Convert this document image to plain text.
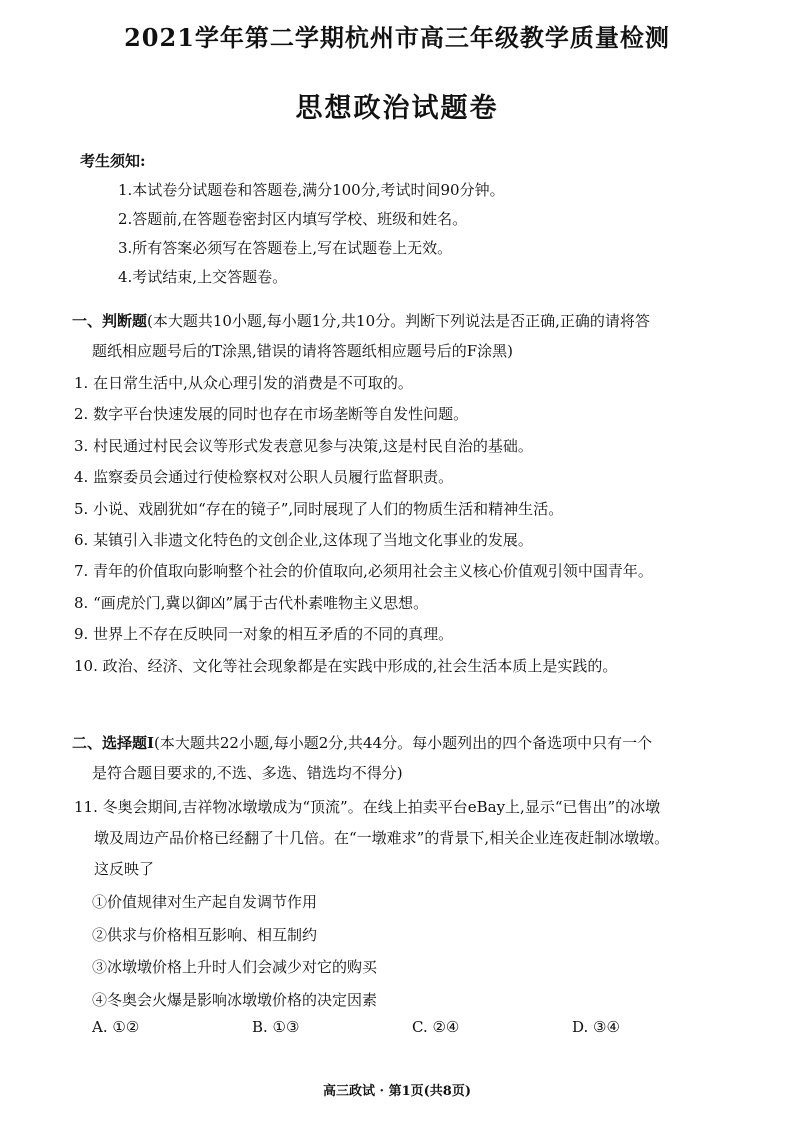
2021学年第二学期杭州市高三年级教学质量检测
思想政治试题卷
考生须知:
1.本试卷分试题卷和答题卷,满分100分,考试时间90分钟。
2.答题前,在答题卷密封区内填写学校、班级和姓名。
3.所有答案必须写在答题卷上,写在试题卷上无效。
4.考试结束,上交答题卷。
一、判断题(本大题共10小题,每小题1分,共10分。判断下列说法是否正确,正确的请将答
题纸相应题号后的T涂黑,错误的请将答题纸相应题号后的F涂黑)
1. 在日常生活中,从众心理引发的消费是不可取的。
2. 数字平台快速发展的同时也存在市场垄断等自发性问题。
3. 村民通过村民会议等形式发表意见参与决策,这是村民自治的基础。
4. 监察委员会通过行使检察权对公职人员履行监督职责。
5. 小说、戏剧犹如“存在的镜子”,同时展现了人们的物质生活和精神生活。
6. 某镇引入非遗文化特色的文创企业,这体现了当地文化事业的发展。
7. 青年的价值取向影响整个社会的价值取向,必须用社会主义核心价值观引领中国青年。
8. “画虎於门,冀以御凶”属于古代朴素唯物主义思想。
9. 世界上不存在反映同一对象的相互矛盾的不同的真理。
10. 政治、经济、文化等社会现象都是在实践中形成的,社会生活本质上是实践的。
二、选择题Ⅰ(本大题共22小题,每小题2分,共44分。每小题列出的四个备选项中只有一个
是符合题目要求的,不选、多选、错选均不得分)
11. 冬奥会期间,吉祥物冰墩墩成为“顶流”。在线上拍卖平台eBay上,显示“已售出”的冰墩
墩及周边产品价格已经翻了十几倍。在“一墩难求”的背景下,相关企业连夜赶制冰墩墩。
这反映了
①价值规律对生产起自发调节作用
②供求与价格相互影响、相互制约
③冰墩墩价格上升时人们会减少对它的购买
④冬奥会火爆是影响冰墩墩价格的决定因素
A. ①②	B. ①③	C. ②④	D. ③④
高三政试 · 第1页(共8页)
